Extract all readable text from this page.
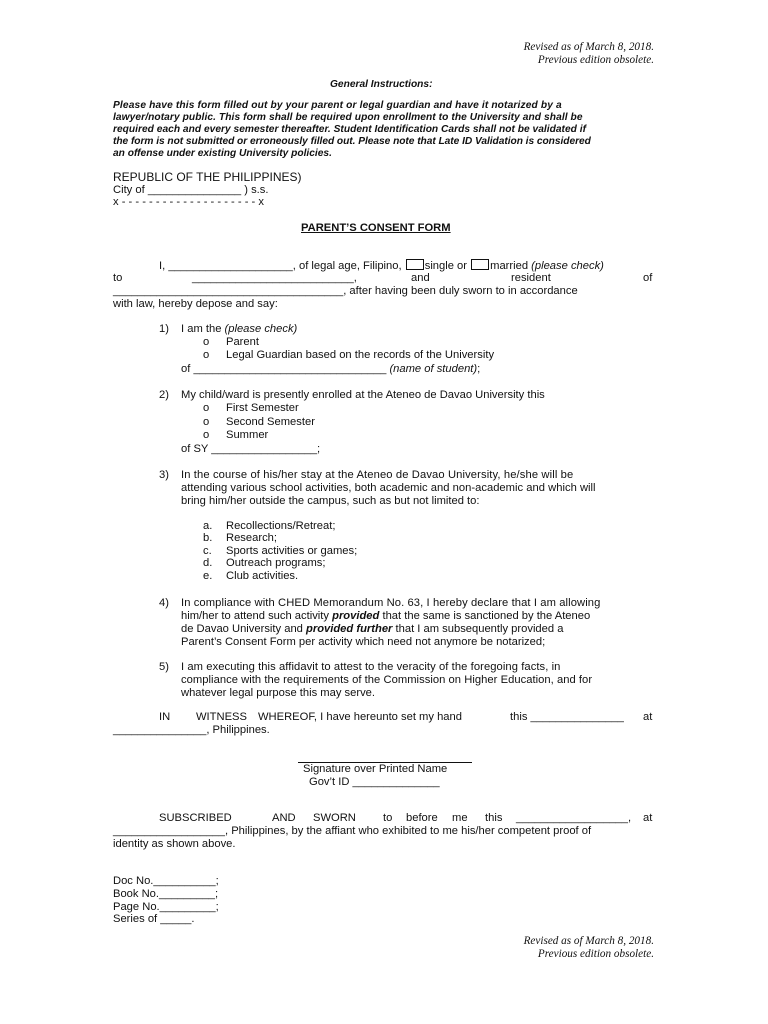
Revised as of March 8, 2018.
Previous edition obsolete.
General Instructions:
Please have this form filled out by your parent or legal guardian and have it notarized by a
lawyer/notary public. This form shall be required upon enrollment to the University and shall be
required each and every semester thereafter. Student Identification Cards shall not be validated if
the form is not submitted or erroneously filled out. Please note that Late ID Validation is considered
an offense under existing University policies.
REPUBLIC OF THE PHILIPPINES)
City of _______________ ) s.s.
x - - - - - - - - - - - - - - - - - - - - x
PARENT’S CONSENT FORM
I, ____________________, of legal age, Filipino, single or married (please check)
to	__________________________,	and	resident	of
_____________________________________, after having been duly sworn to in accordance
with law, hereby depose and say:
1) I am the (please check)
o Parent
o Legal Guardian based on the records of the University
of _______________________________ (name of student);
2) My child/ward is presently enrolled at the Ateneo de Davao University this
o First Semester
o Second Semester
o Summer
of SY _________________;
3) In the course of his/her stay at the Ateneo de Davao University, he/she will be
attending various school activities, both academic and non-academic and which will
bring him/her outside the campus, such as but not limited to:
a. Recollections/Retreat;
b. Research;
c. Sports activities or games;
d. Outreach programs;
e. Club activities.
4) In compliance with CHED Memorandum No. 63, I hereby declare that I am allowing
him/her to attend such activity provided that the same is sanctioned by the Ateneo
de Davao University and provided further that I am subsequently provided a
Parent’s Consent Form per activity which need not anymore be notarized;
5) I am executing this affidavit to attest to the veracity of the foregoing facts, in
compliance with the requirements of the Commission on Higher Education, and for
whatever legal purpose this may serve.
IN WITNESS WHEREOF, I have hereunto set my hand	this _______________ at
_______________, Philippines.
Signature over Printed Name
Gov’t ID ______________
SUBSCRIBED	AND SWORN to before me this __________________, at
__________________, Philippines, by the affiant who exhibited to me his/her competent proof of
identity as shown above.
Doc No.__________;
Book No._________;
Page No._________;
Series of _____.
Revised as of March 8, 2018.
Previous edition obsolete.
